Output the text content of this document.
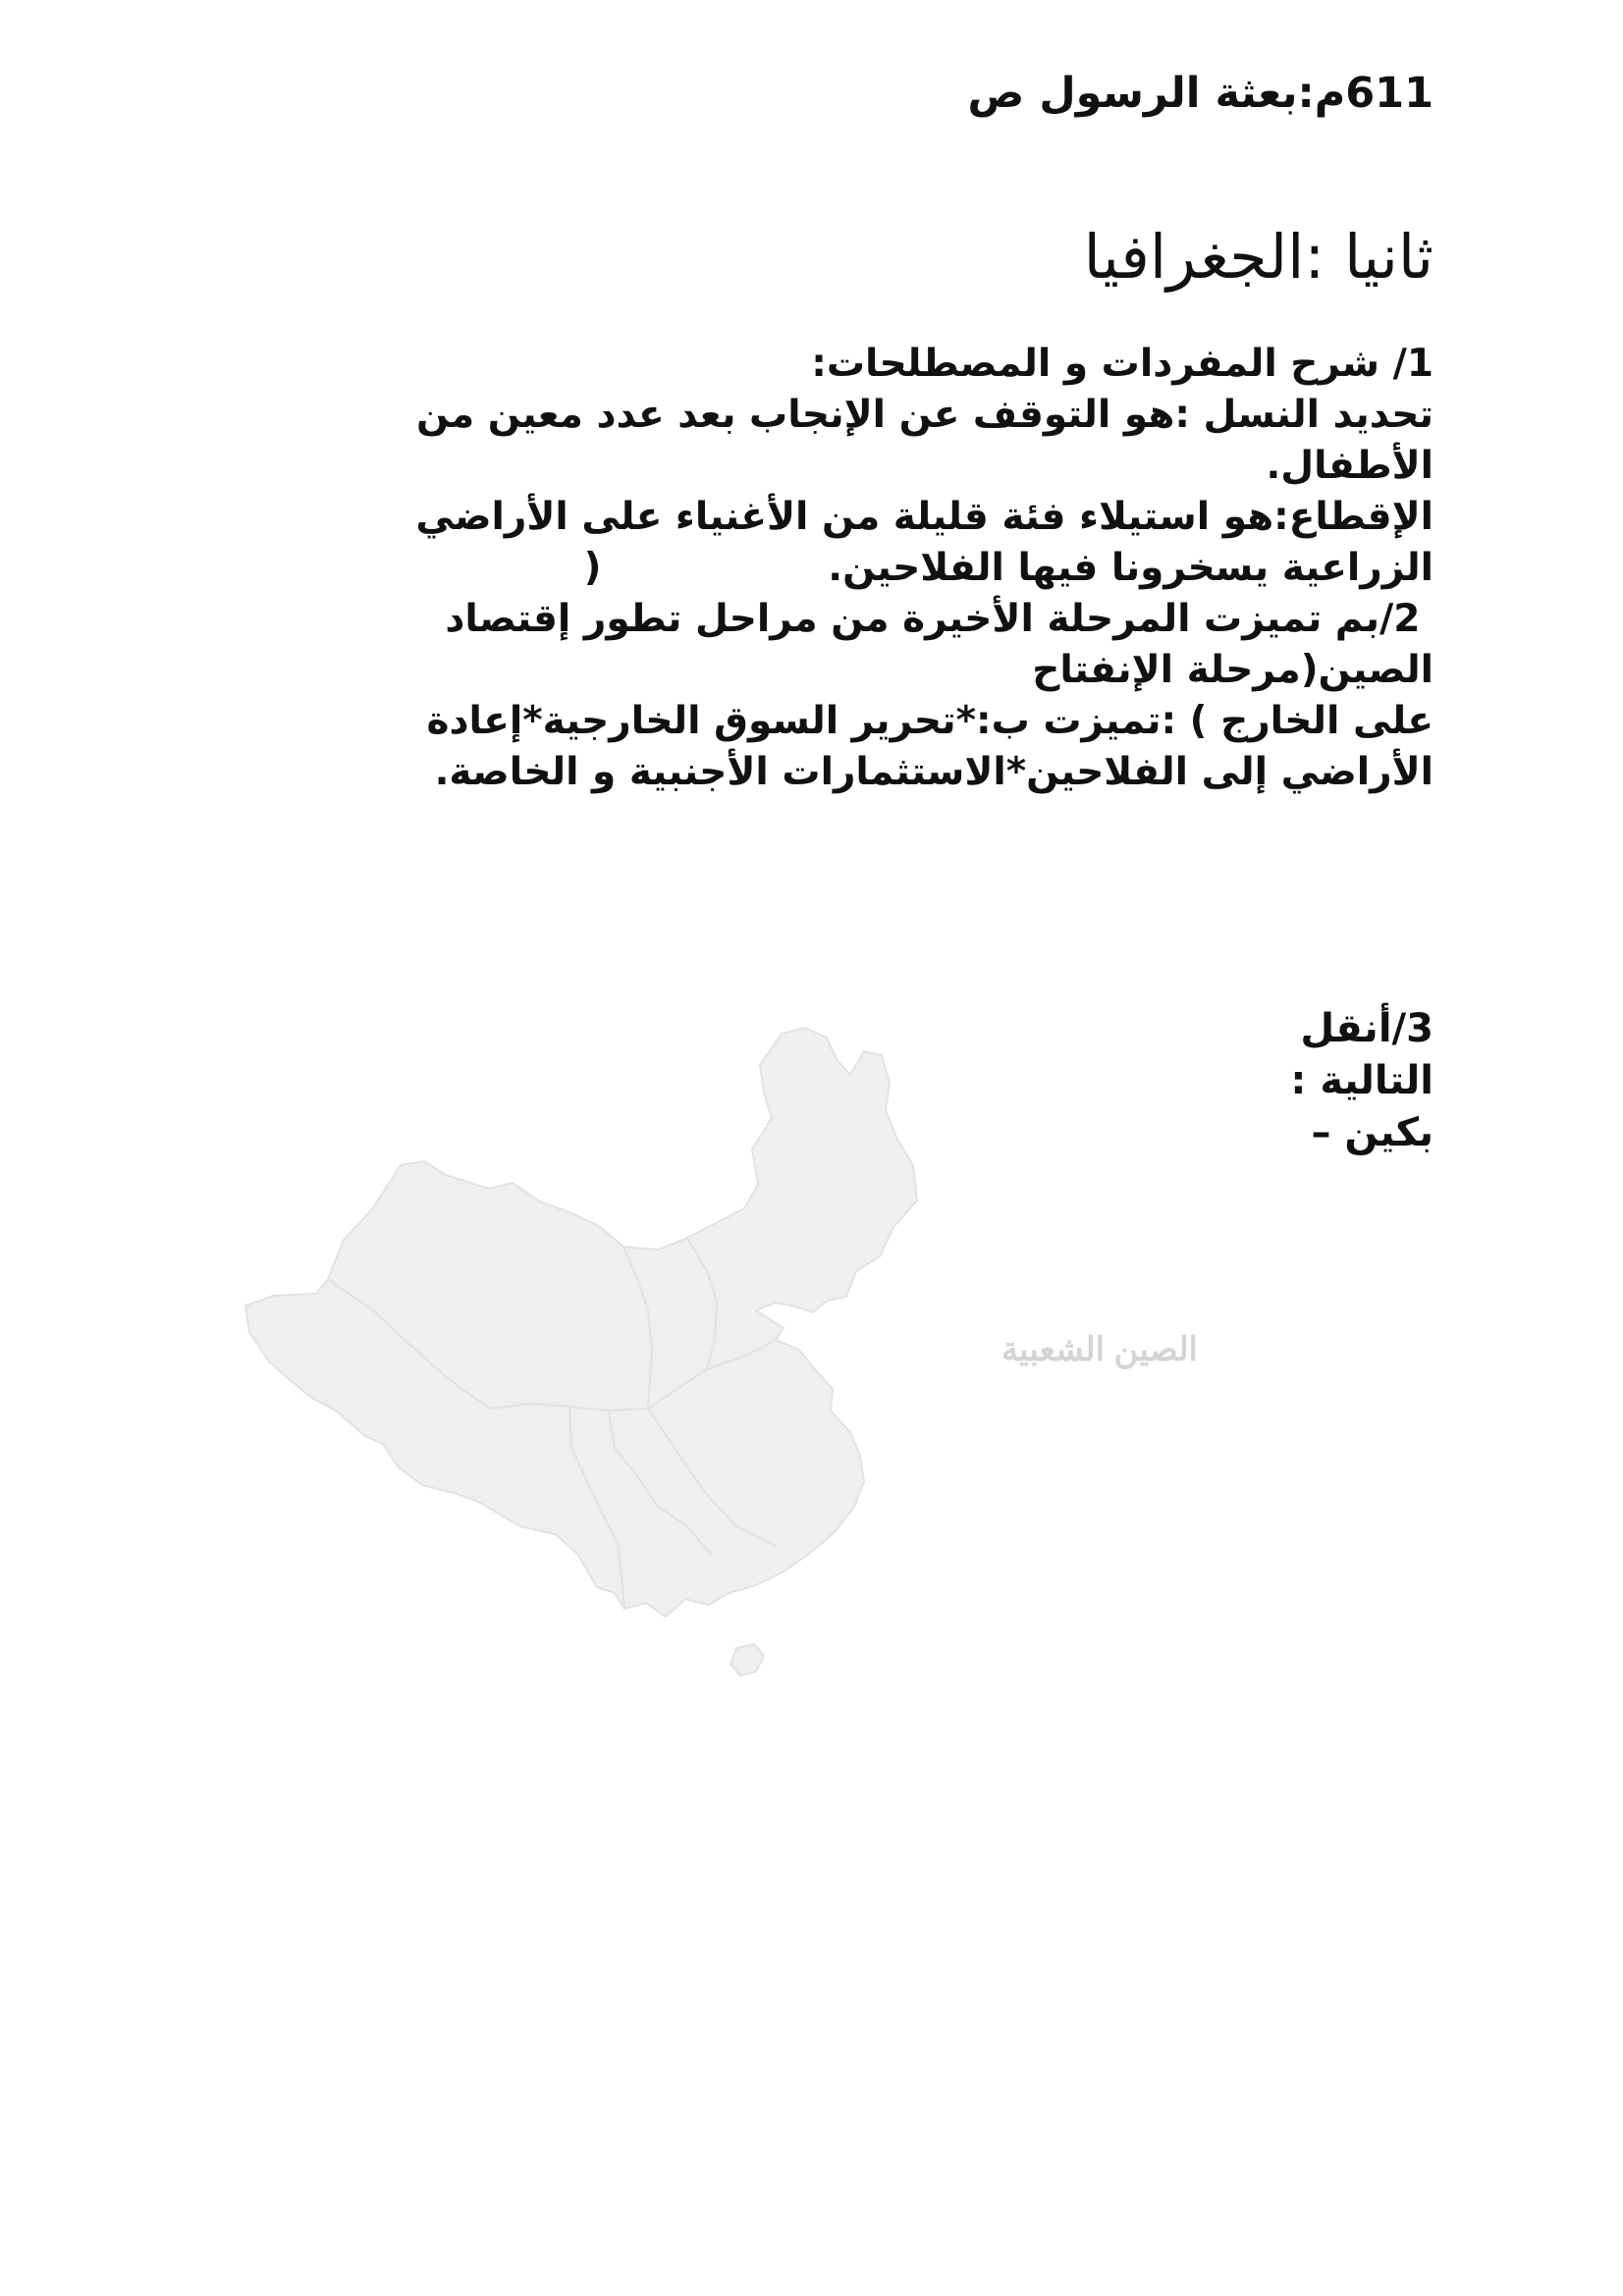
611م:بعثة الرسول ص
ثانيا :الجغرافيا
1/ شرح المفردات و المصطلحات:
تحديد النسل :هو التوقف عن الإنجاب بعد عدد معين من
الأطفال.
الإقطاع:هو استيلاء فئة قليلة من الأغنياء على الأراضي
الزراعية يسخرونا فيها الفلاحين.                 (
2/بم تميزت المرحلة الأخيرة من مراحل تطور إقتصاد
الصين(مرحلة الإنفتاح
على الخارج ) :تميزت ب:*تحرير السوق الخارجية*إعادة
الأراضي إلى الفلاحين*الاستثمارات الأجنبية و الخاصة.
3/أنقل
التالية :
بكين –
الصين الشعبية
